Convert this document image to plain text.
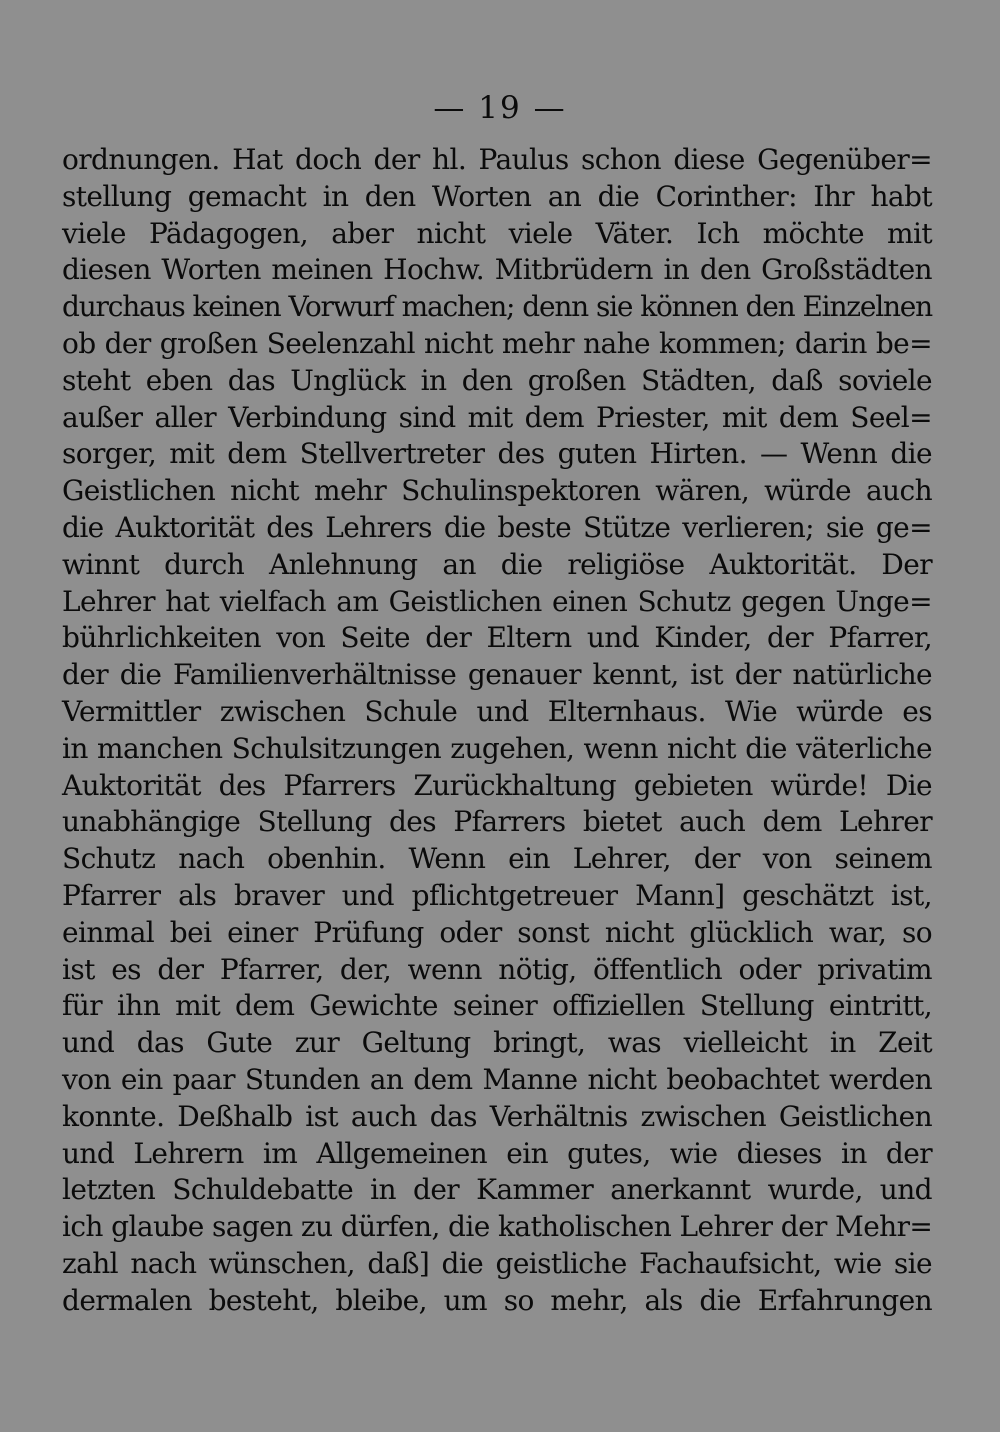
— 19 —
ordnungen. Hat doch der hl. Paulus schon diese Gegenüber=
stellung gemacht in den Worten an die Corinther: Ihr habt
viele Pädagogen, aber nicht viele Väter. Ich möchte mit
diesen Worten meinen Hochw. Mitbrüdern in den Großstädten
durchaus keinen Vorwurf machen; denn sie können den Einzelnen
ob der großen Seelenzahl nicht mehr nahe kommen; darin be=
steht eben das Unglück in den großen Städten, daß soviele
außer aller Verbindung sind mit dem Priester, mit dem Seel=
sorger, mit dem Stellvertreter des guten Hirten. — Wenn die
Geistlichen nicht mehr Schulinspektoren wären, würde auch
die Auktorität des Lehrers die beste Stütze verlieren; sie ge=
winnt durch Anlehnung an die religiöse Auktorität. Der
Lehrer hat vielfach am Geistlichen einen Schutz gegen Unge=
bührlichkeiten von Seite der Eltern und Kinder, der Pfarrer,
der die Familienverhältnisse genauer kennt, ist der natürliche
Vermittler zwischen Schule und Elternhaus. Wie würde es
in manchen Schulsitzungen zugehen, wenn nicht die väterliche
Auktorität des Pfarrers Zurückhaltung gebieten würde! Die
unabhängige Stellung des Pfarrers bietet auch dem Lehrer
Schutz nach obenhin. Wenn ein Lehrer, der von seinem
Pfarrer als braver und pflichtgetreuer Mann] geschätzt ist,
einmal bei einer Prüfung oder sonst nicht glücklich war, so
ist es der Pfarrer, der, wenn nötig, öffentlich oder privatim
für ihn mit dem Gewichte seiner offiziellen Stellung eintritt,
und das Gute zur Geltung bringt, was vielleicht in Zeit
von ein paar Stunden an dem Manne nicht beobachtet werden
konnte. Deßhalb ist auch das Verhältnis zwischen Geistlichen
und Lehrern im Allgemeinen ein gutes, wie dieses in der
letzten Schuldebatte in der Kammer anerkannt wurde, und
ich glaube sagen zu dürfen, die katholischen Lehrer der Mehr=
zahl nach wünschen, daß] die geistliche Fachaufsicht, wie sie
dermalen besteht, bleibe, um so mehr, als die Erfahrungen
